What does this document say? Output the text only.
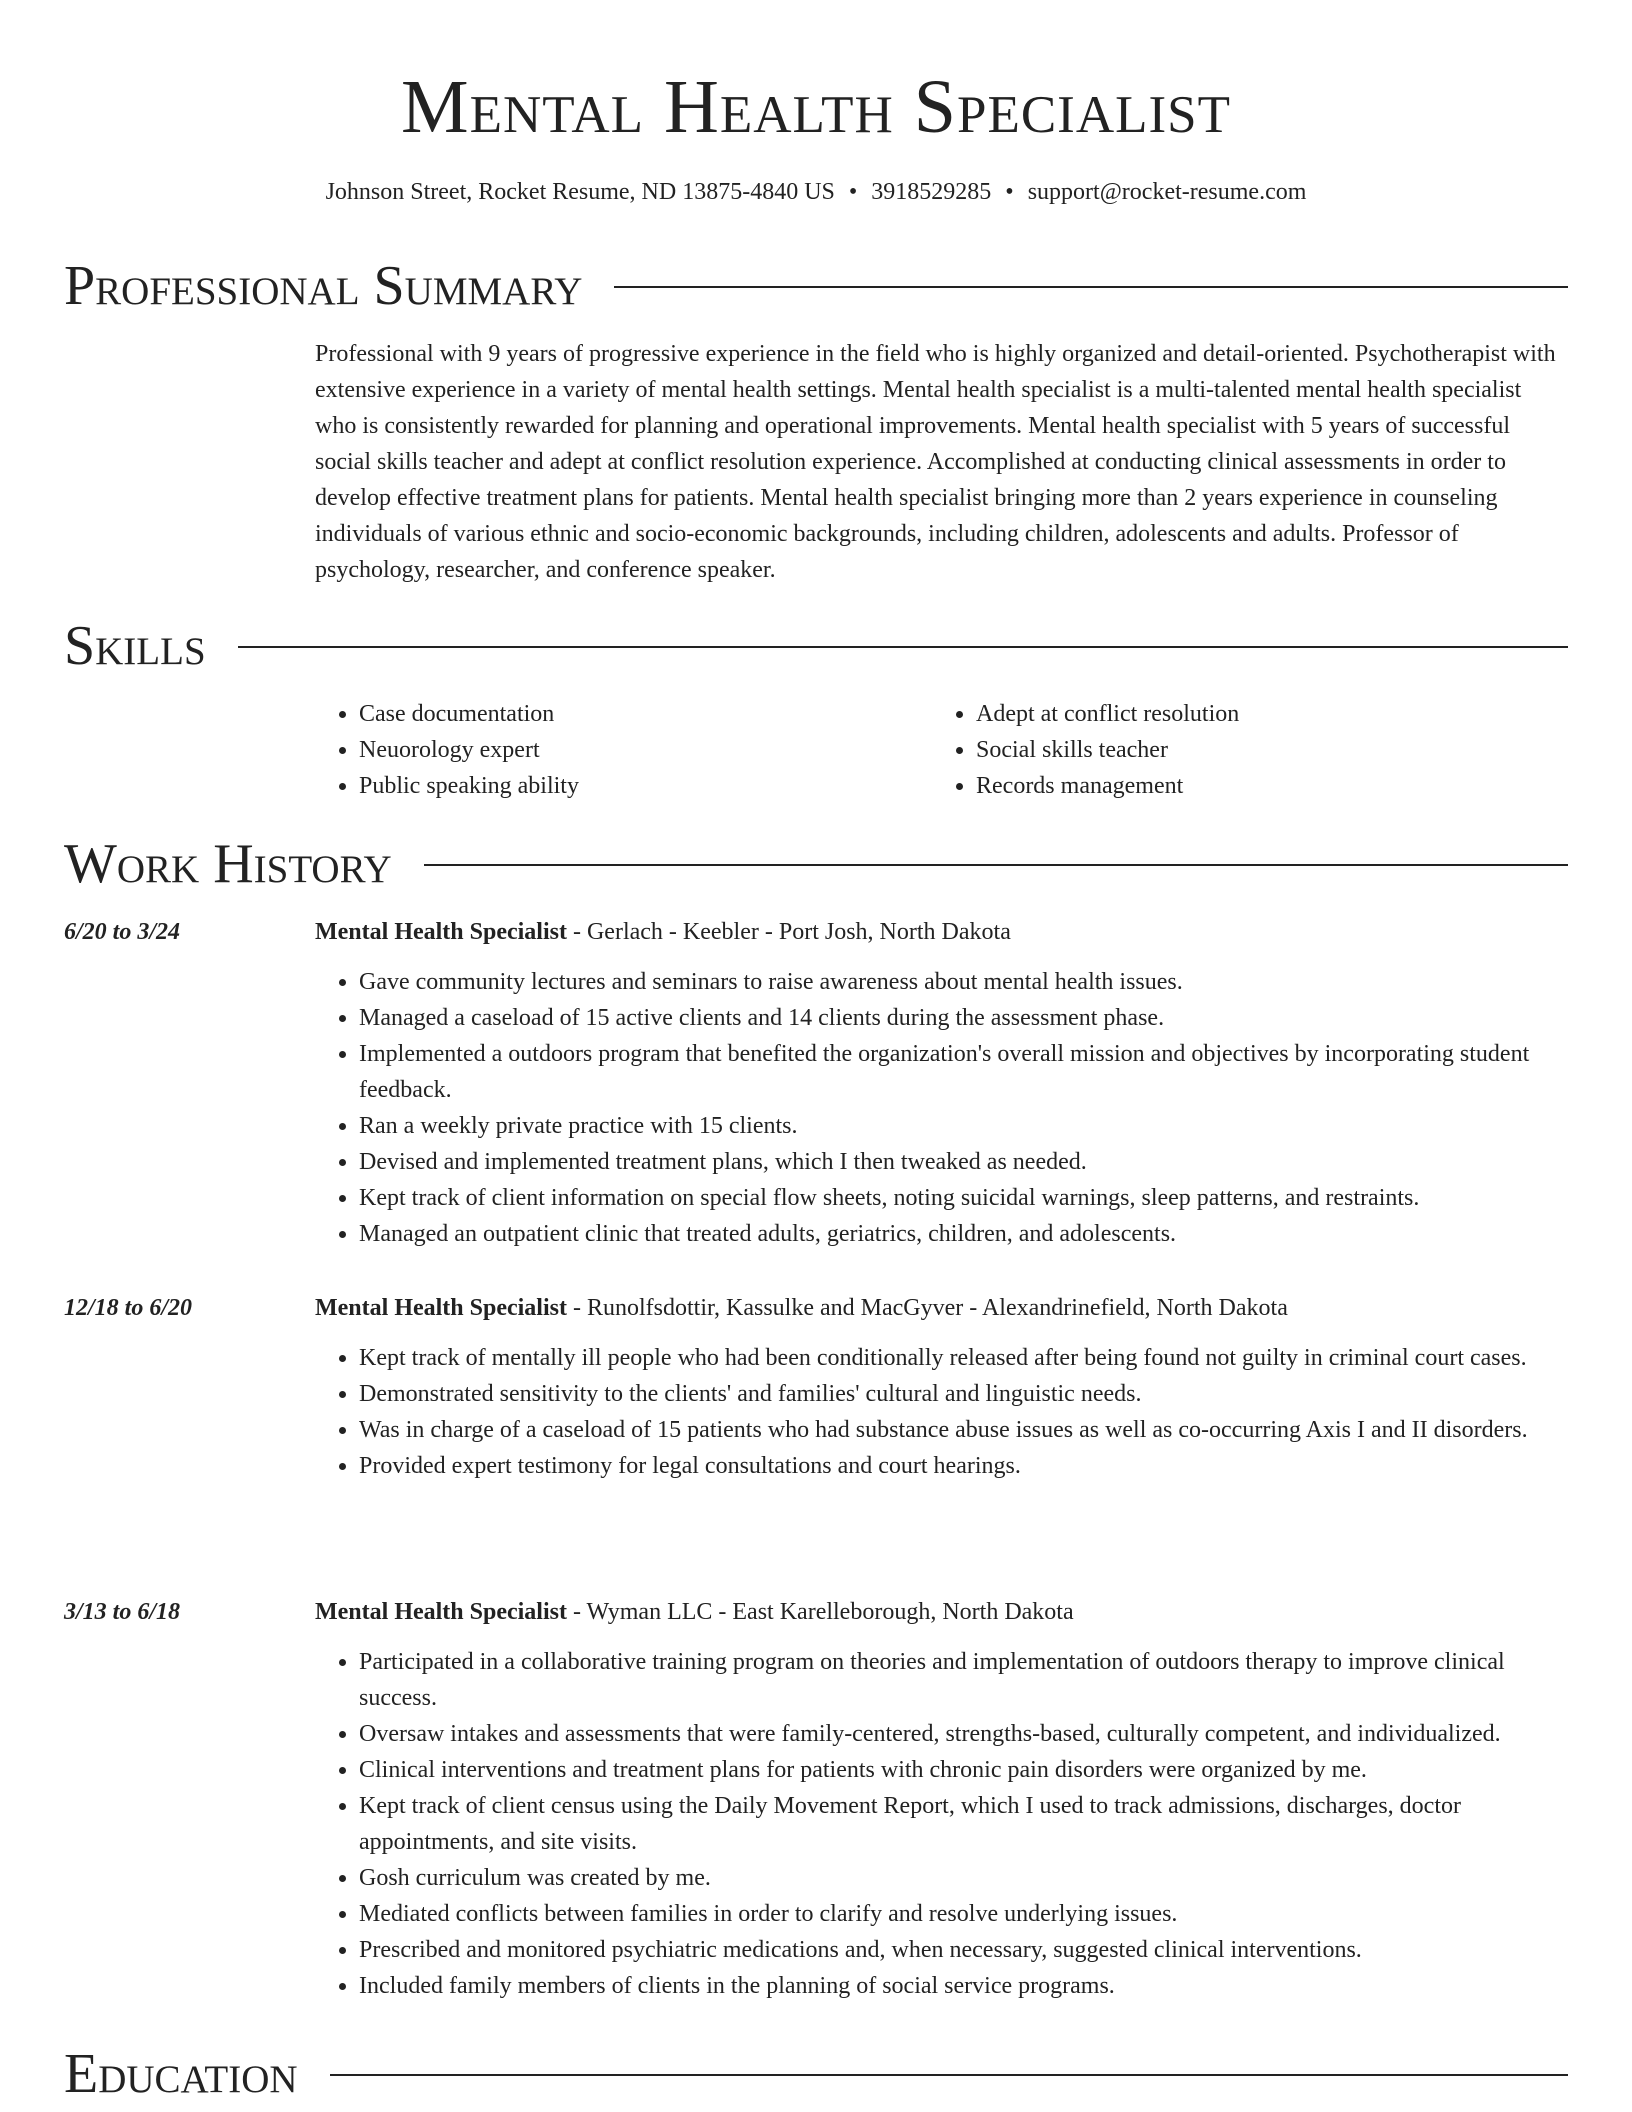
Mental Health Specialist
Johnson Street, Rocket Resume, ND 13875-4840 US • 3918529285 • support@rocket-resume.com
Professional Summary

Professional with 9 years of progressive experience in the field who is highly organized and detail-oriented. Psychotherapist with extensive experience in a variety of mental health settings. Mental health specialist is a multi-talented mental health specialist who is consistently rewarded for planning and operational improvements. Mental health specialist with 5 years of successful social skills teacher and adept at conflict resolution experience. Accomplished at conducting clinical assessments in order to develop effective treatment plans for patients. Mental health specialist bringing more than 2 years experience in counseling individuals of various ethnic and socio-economic backgrounds, including children, adolescents and adults. Professor of psychology, researcher, and conference speaker.

Skills
• Case documentation
• Neuorology expert
• Public speaking ability
• Adept at conflict resolution
• Social skills teacher
• Records management
Work History
6/20 to 3/24	Mental Health Specialist - Gerlach - Keebler - Port Josh, North Dakota
• Gave community lectures and seminars to raise awareness about mental health issues.
• Managed a caseload of 15 active clients and 14 clients during the assessment phase.
• Implemented a outdoors program that benefited the organization's overall mission and objectives by incorporating student feedback.
• Ran a weekly private practice with 15 clients.
• Devised and implemented treatment plans, which I then tweaked as needed.
• Kept track of client information on special flow sheets, noting suicidal warnings, sleep patterns, and restraints.
• Managed an outpatient clinic that treated adults, geriatrics, children, and adolescents.
12/18 to 6/20	Mental Health Specialist - Runolfsdottir, Kassulke and MacGyver - Alexandrinefield, North Dakota
• Kept track of mentally ill people who had been conditionally released after being found not guilty in criminal court cases.
• Demonstrated sensitivity to the clients' and families' cultural and linguistic needs.
• Was in charge of a caseload of 15 patients who had substance abuse issues as well as co-occurring Axis I and II disorders.
• Provided expert testimony for legal consultations and court hearings.
3/13 to 6/18	Mental Health Specialist - Wyman LLC - East Karelleborough, North Dakota
• Participated in a collaborative training program on theories and implementation of outdoors therapy to improve clinical success.
• Oversaw intakes and assessments that were family-centered, strengths-based, culturally competent, and individualized.
• Clinical interventions and treatment plans for patients with chronic pain disorders were organized by me.
• Kept track of client census using the Daily Movement Report, which I used to track admissions, discharges, doctor appointments, and site visits.
• Gosh curriculum was created by me.
• Mediated conflicts between families in order to clarify and resolve underlying issues.
• Prescribed and monitored psychiatric medications and, when necessary, suggested clinical interventions.
• Included family members of clients in the planning of social service programs.
Education
